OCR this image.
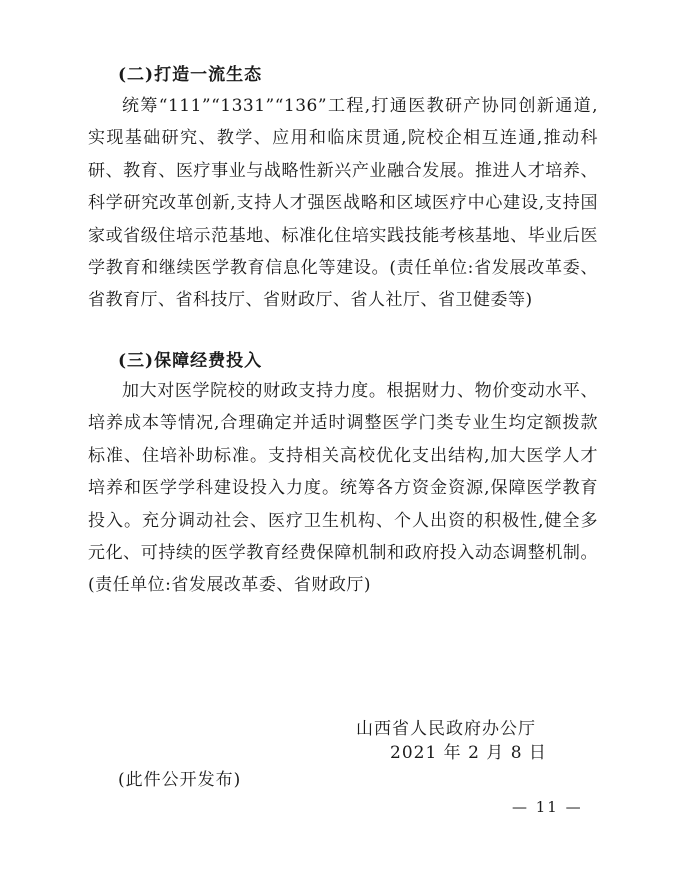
(二)打造一流生态

统筹“111”“1331”“136”工程,打通医教研产协同创新通道,实现基础研究、教学、应用和临床贯通,院校企相互连通,推动科研、教育、医疗事业与战略性新兴产业融合发展。推进人才培养、科学研究改革创新,支持人才强医战略和区域医疗中心建设,支持国家或省级住培示范基地、标准化住培实践技能考核基地、毕业后医学教育和继续医学教育信息化等建设。(责任单位:省发展改革委、省教育厅、省科技厅、省财政厅、省人社厅、省卫健委等)

(三)保障经费投入

加大对医学院校的财政支持力度。根据财力、物价变动水平、培养成本等情况,合理确定并适时调整医学门类专业生均定额拨款标准、住培补助标准。支持相关高校优化支出结构,加大医学人才培养和医学学科建设投入力度。统筹各方资金资源,保障医学教育投入。充分调动社会、医疗卫生机构、个人出资的积极性,健全多元化、可持续的医学教育经费保障机制和政府投入动态调整机制。(责任单位:省发展改革委、省财政厅)

山西省人民政府办公厅
2021 年 2 月 8 日
(此件公开发布)
— 11 —
